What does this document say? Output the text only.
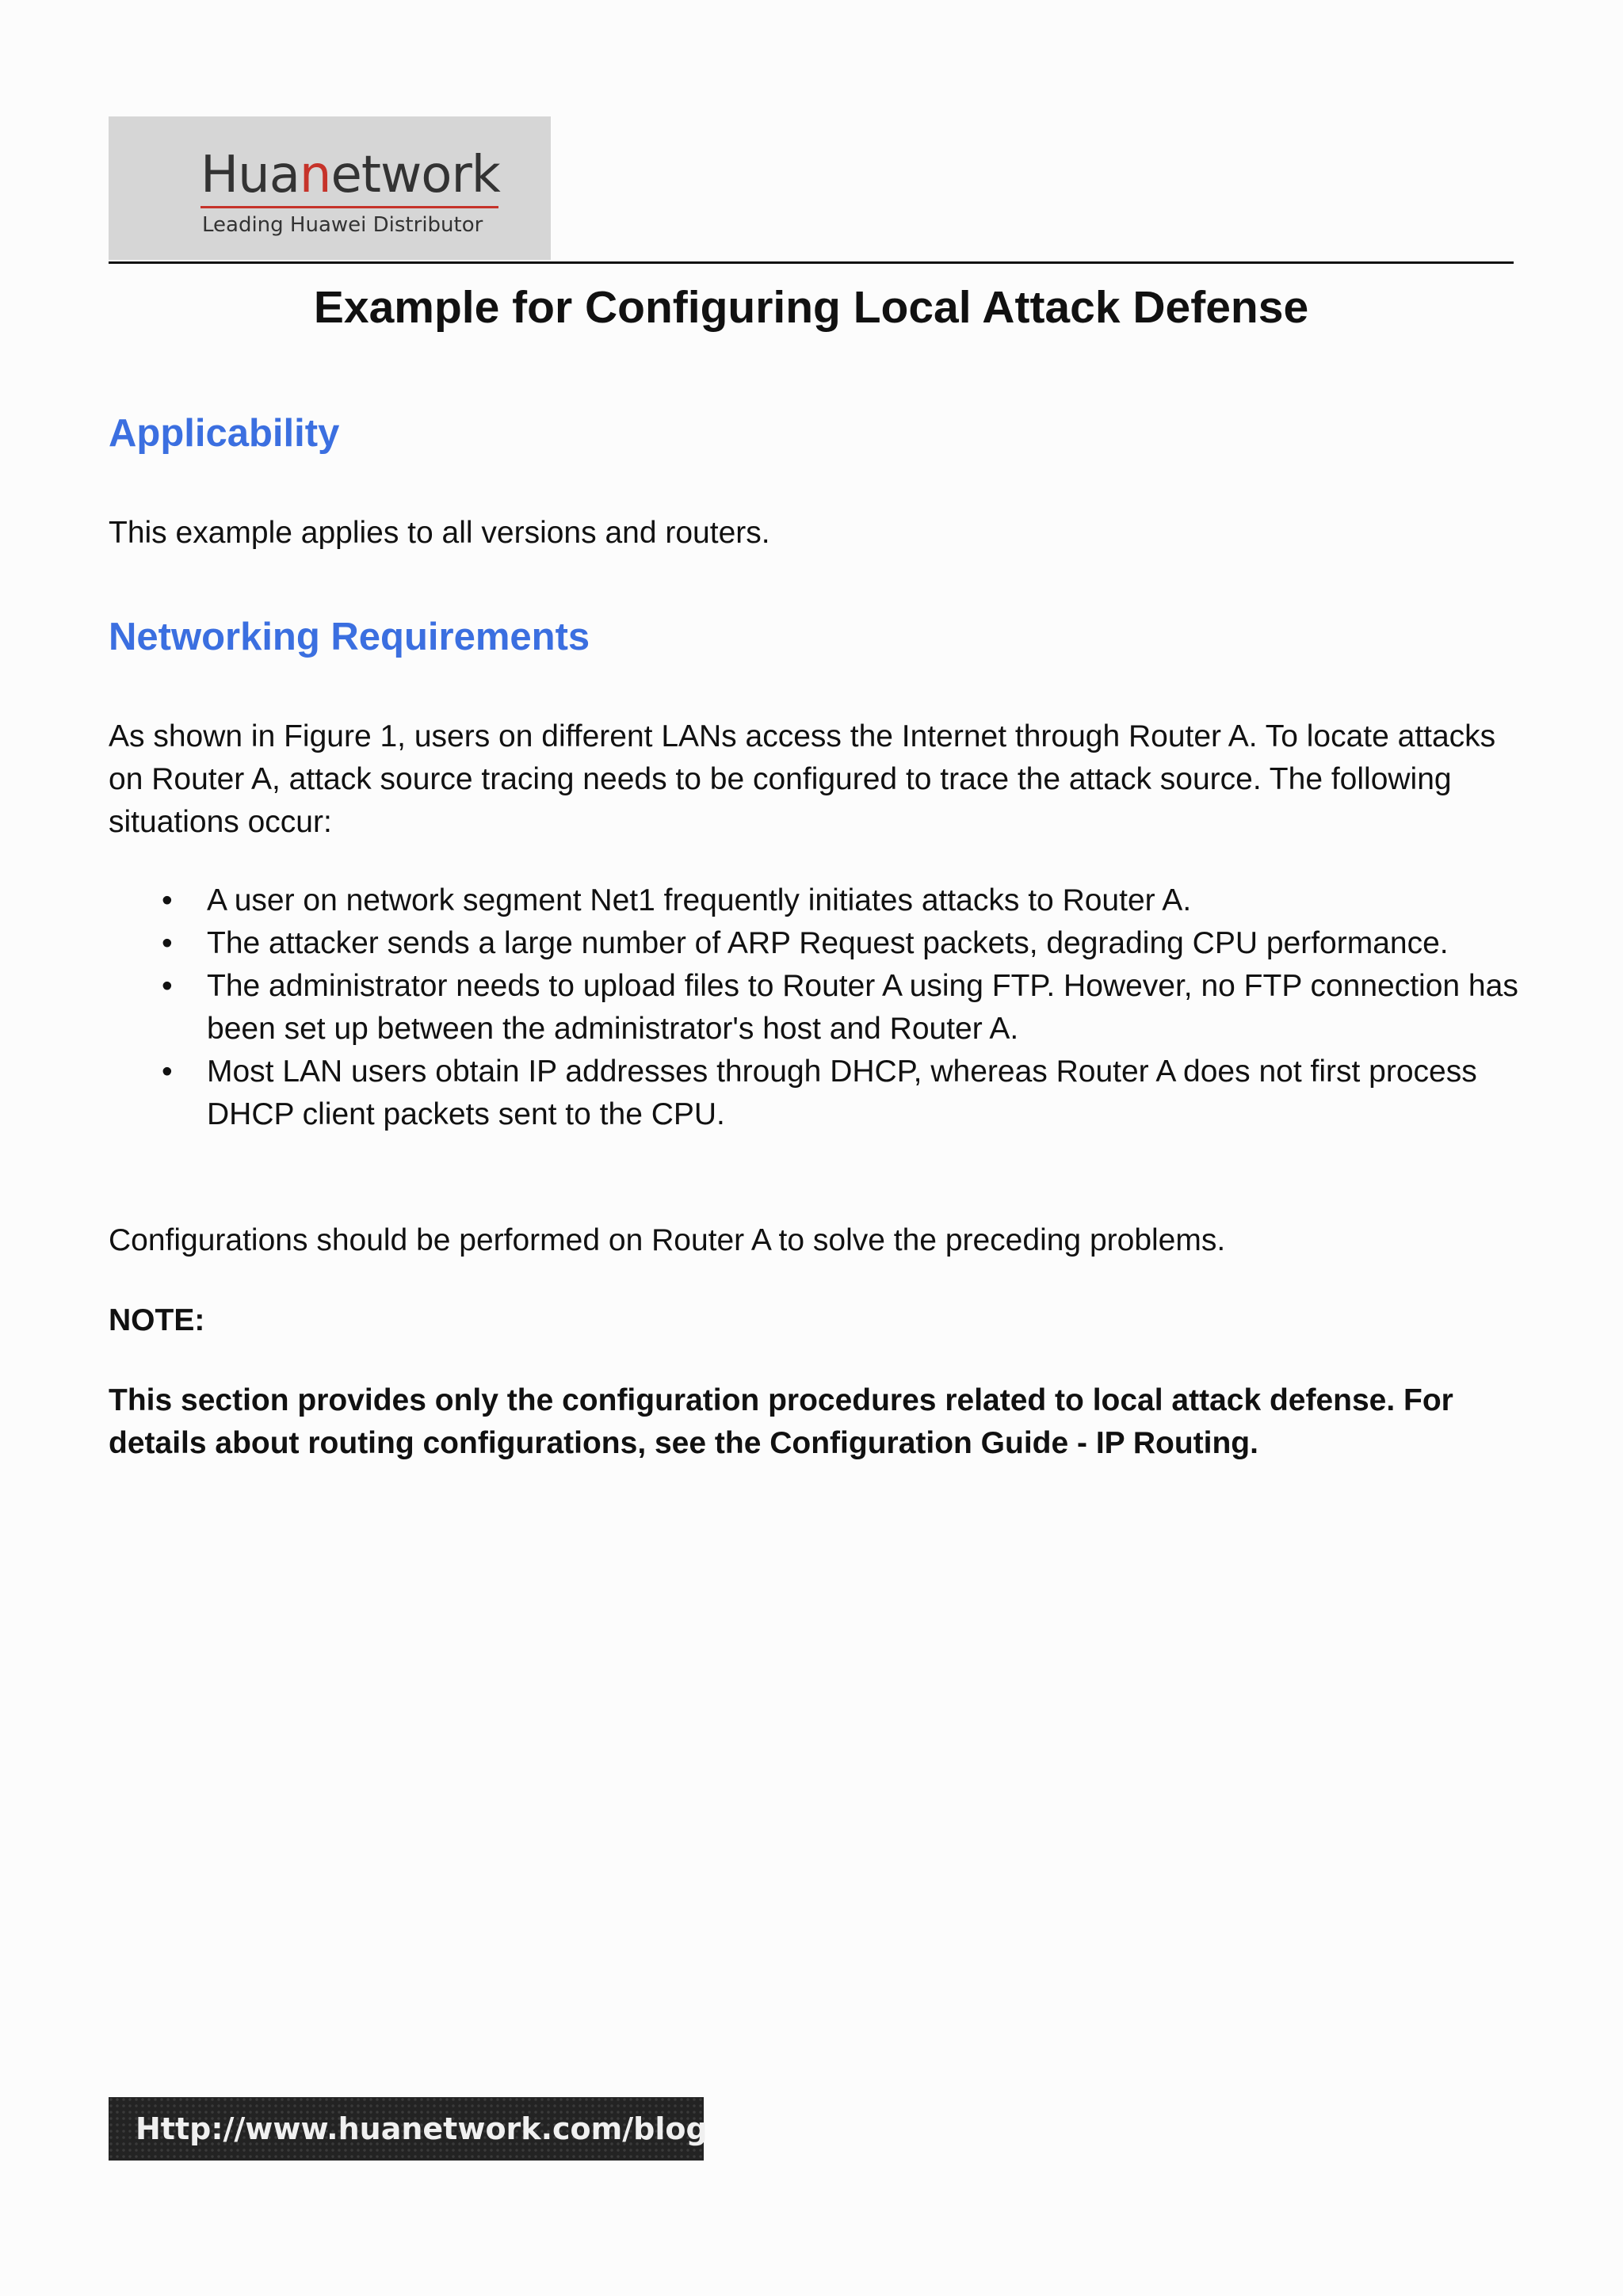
Huanetwork
Leading Huawei Distributor
Example for Configuring Local Attack Defense
Applicability

This example applies to all versions and routers.

Networking Requirements

As shown in Figure 1, users on different LANs access the Internet through Router A. To locate attacks on Router A, attack source tracing needs to be configured to trace the attack source. The following situations occur:

• A user on network segment Net1 frequently initiates attacks to Router A.
• The attacker sends a large number of ARP Request packets, degrading CPU performance.
• The administrator needs to upload files to Router A using FTP. However, no FTP connection has been set up between the administrator's host and Router A.
• Most LAN users obtain IP addresses through DHCP, whereas Router A does not first process DHCP client packets sent to the CPU.

Configurations should be performed on Router A to solve the preceding problems.

NOTE:

This section provides only the configuration procedures related to local attack defense. For details about routing configurations, see the Configuration Guide - IP Routing.

Http://www.huanetwork.com/blog
